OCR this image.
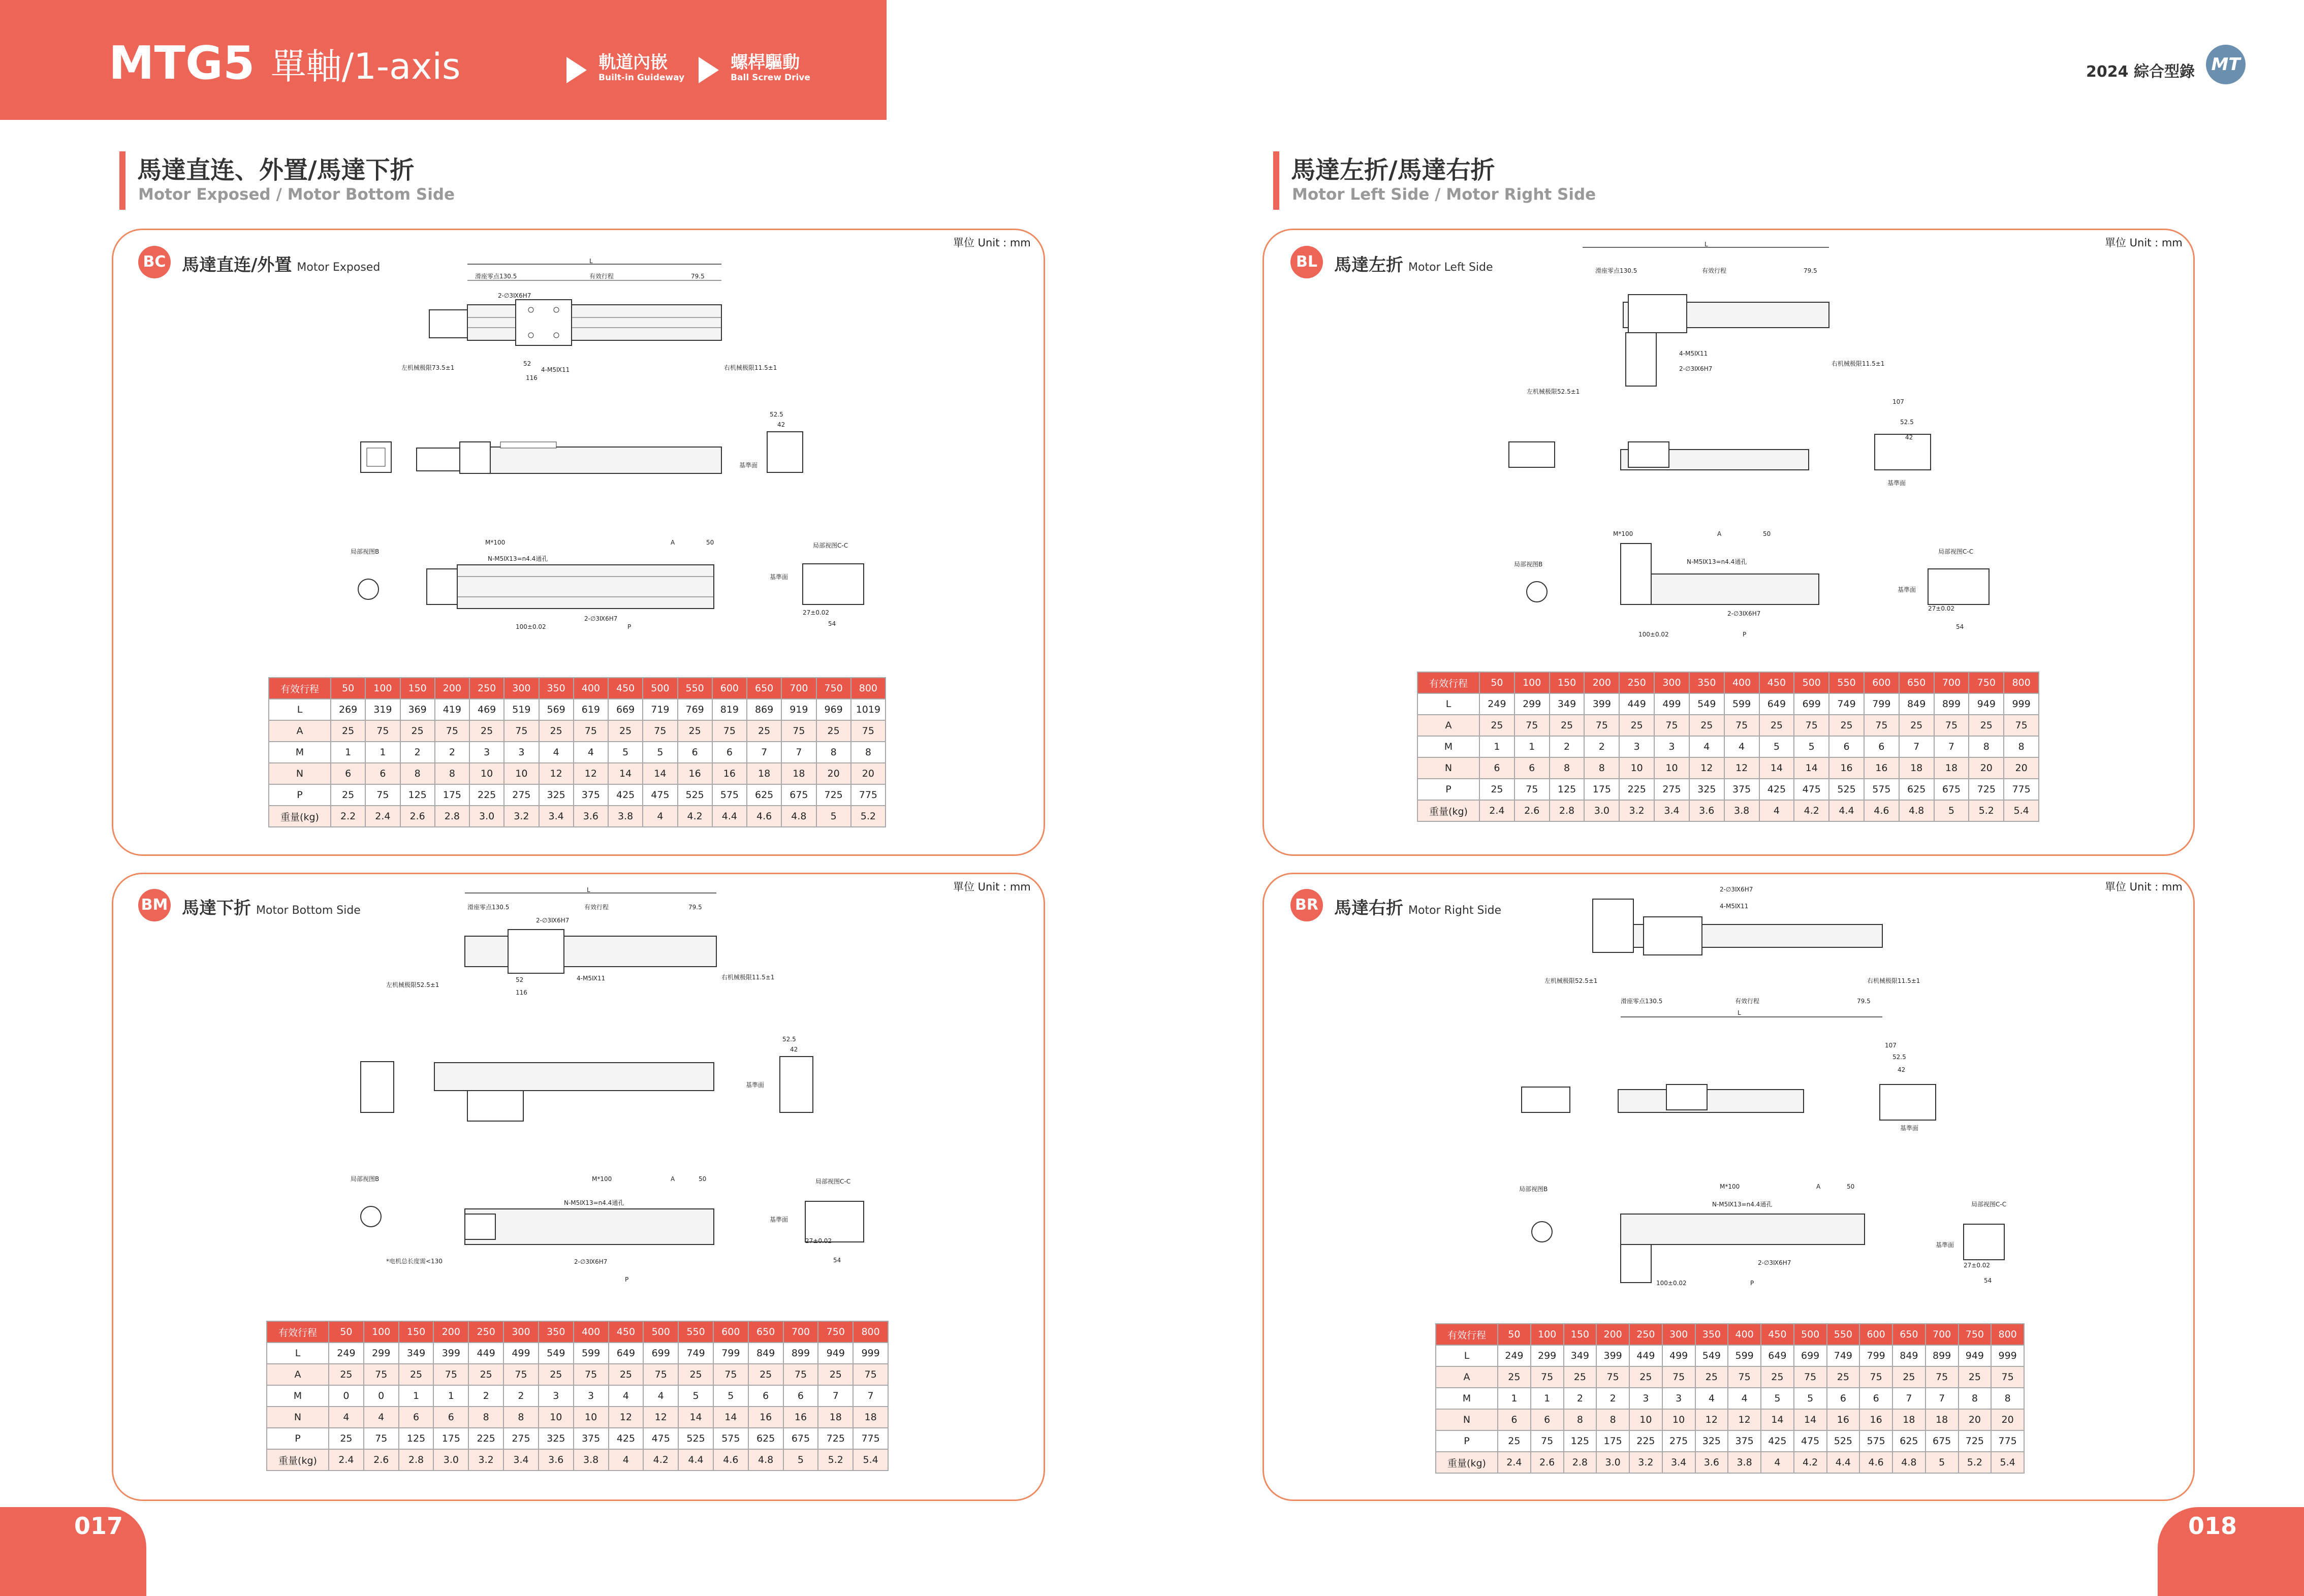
MTG5 單軸/1-axis
	軌道內嵌
Built-in Guideway

螺桿驅動
Ball Screw Drive	2024 綜合型錄 MT
馬達直连、外置/馬達下折
Motor Exposed / Motor Bottom Side
馬達左折/馬達右折
Motor Left Side / Motor Right Side
單位 Unit : mm
單位 Unit : mm
單位 Unit : mm
單位 Unit : mm
BC 馬達直连/外置 Motor Exposed
BM 馬達下折 Motor Bottom Side
BL 馬達左折 Motor Left Side
BR 馬達右折 Motor Right Side
L
滑座零点130.5	有效行程	79.5
2-∅3Ⅸ6H7
左机械极限73.5±1	右机械极限11.5±1
52
4-M5Ⅸ11
116
52.5
42
基準面
局部视图B
M*100	A	50
N-M5Ⅸ13=n4.4通孔
2-∅3Ⅸ6H7
100±0.02	P
局部视图C-C
基準面
27±0.02
54
L
滑座零点130.5	有效行程	79.5
2-∅3Ⅸ6H7
左机械极限52.5±1
右机械极限11.5±1
52	4-M5Ⅸ11
116
52.5
42
基準面
局部视图B	M*100	A	50
N-M5Ⅸ13=n4.4通孔
2-∅3Ⅸ6H7
*电机总长度需<130
P
局部视图C-C
基準面
27±0.02
54
L
滑座零点130.5	有效行程	79.5
4-M5Ⅸ11
2-∅3Ⅸ6H7
右机械极限11.5±1
左机械极限52.5±1
107
52.5
42
基準面
局部视图B
M*100	A	50
N-M5Ⅸ13=n4.4通孔
2-∅3Ⅸ6H7
100±0.02	P
局部视图C-C
基準面
27±0.02
54
2-∅3Ⅸ6H7
4-M5Ⅸ11
左机械极限52.5±1	右机械极限11.5±1
滑座零点130.5	有效行程	79.5
L
107
52.5
42
基準面
局部视图B	M*100	A	50
N-M5Ⅸ13=n4.4通孔
2-∅3Ⅸ6H7
100±0.02	P
局部视图C-C
基準面
27±0.02
54
有效行程	50	100	150	200	250	300	350	400	450	500	550	600	650	700	750	800
L	269	319	369	419	469	519	569	619	669	719	769	819	869	919	969	1019
A	25	75	25	75	25	75	25	75	25	75	25	75	25	75	25	75
M	1	1	2	2	3	3	4	4	5	5	6	6	7	7	8	8
N	6	6	8	8	10	10	12	12	14	14	16	16	18	18	20	20
P	25	75	125	175	225	275	325	375	425	475	525	575	625	675	725	775
重量(kg)	2.2	2.4	2.6	2.8	3.0	3.2	3.4	3.6	3.8	4	4.2	4.4	4.6	4.8	5	5.2
有效行程	50	100	150	200	250	300	350	400	450	500	550	600	650	700	750	800
L	249	299	349	399	449	499	549	599	649	699	749	799	849	899	949	999
A	25	75	25	75	25	75	25	75	25	75	25	75	25	75	25	75
M	0	0	1	1	2	2	3	3	4	4	5	5	6	6	7	7
N	4	4	6	6	8	8	10	10	12	12	14	14	16	16	18	18
P	25	75	125	175	225	275	325	375	425	475	525	575	625	675	725	775
重量(kg)	2.4	2.6	2.8	3.0	3.2	3.4	3.6	3.8	4	4.2	4.4	4.6	4.8	5	5.2	5.4
有效行程	50	100	150	200	250	300	350	400	450	500	550	600	650	700	750	800
L	249	299	349	399	449	499	549	599	649	699	749	799	849	899	949	999
A	25	75	25	75	25	75	25	75	25	75	25	75	25	75	25	75
M	1	1	2	2	3	3	4	4	5	5	6	6	7	7	8	8
N	6	6	8	8	10	10	12	12	14	14	16	16	18	18	20	20
P	25	75	125	175	225	275	325	375	425	475	525	575	625	675	725	775
重量(kg)	2.4	2.6	2.8	3.0	3.2	3.4	3.6	3.8	4	4.2	4.4	4.6	4.8	5	5.2	5.4
有效行程	50	100	150	200	250	300	350	400	450	500	550	600	650	700	750	800
L	249	299	349	399	449	499	549	599	649	699	749	799	849	899	949	999
A	25	75	25	75	25	75	25	75	25	75	25	75	25	75	25	75
M	1	1	2	2	3	3	4	4	5	5	6	6	7	7	8	8
N	6	6	8	8	10	10	12	12	14	14	16	16	18	18	20	20
P	25	75	125	175	225	275	325	375	425	475	525	575	625	675	725	775
重量(kg)	2.4	2.6	2.8	3.0	3.2	3.4	3.6	3.8	4	4.2	4.4	4.6	4.8	5	5.2	5.4
017	018
